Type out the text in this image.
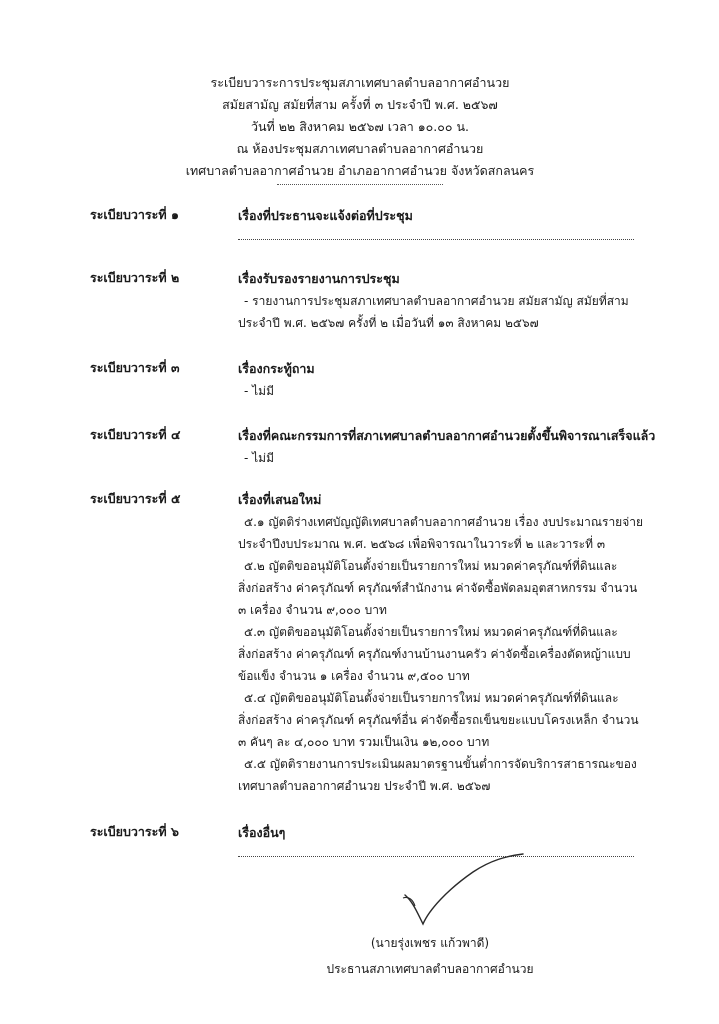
ระเบียบวาระการประชุมสภาเทศบาลตำบลอากาศอำนวย
สมัยสามัญ สมัยที่สาม ครั้งที่ ๓ ประจำปี พ.ศ. ๒๕๖๗
วันที่ ๒๒ สิงหาคม ๒๕๖๗ เวลา ๑๐.๐๐ น.
ณ ห้องประชุมสภาเทศบาลตำบลอากาศอำนวย
เทศบาลตำบลอากาศอำนวย อำเภออากาศอำนวย จังหวัดสกลนคร
ระเบียบวาระที่ ๑	เรื่องที่ประธานจะแจ้งต่อที่ประชุม
ระเบียบวาระที่ ๒	เรื่องรับรองรายงานการประชุม
- รายงานการประชุมสภาเทศบาลตำบลอากาศอำนวย สมัยสามัญ สมัยที่สาม
ประจำปี พ.ศ. ๒๕๖๗ ครั้งที่ ๒ เมื่อวันที่ ๑๓ สิงหาคม ๒๕๖๗
ระเบียบวาระที่ ๓	เรื่องกระทู้ถาม
- ไม่มี
ระเบียบวาระที่ ๔	เรื่องที่คณะกรรมการที่สภาเทศบาลตำบลอากาศอำนวยตั้งขึ้นพิจารณาเสร็จแล้ว
- ไม่มี
ระเบียบวาระที่ ๕	เรื่องที่เสนอใหม่
๕.๑ ญัตติร่างเทศบัญญัติเทศบาลตำบลอากาศอำนวย เรื่อง งบประมาณรายจ่าย
ประจำปีงบประมาณ พ.ศ. ๒๕๖๘ เพื่อพิจารณาในวาระที่ ๒ และวาระที่ ๓
๕.๒ ญัตติขออนุมัติโอนตั้งจ่ายเป็นรายการใหม่ หมวดค่าครุภัณฑ์ที่ดินและ
สิ่งก่อสร้าง ค่าครุภัณฑ์ ครุภัณฑ์สำนักงาน ค่าจัดซื้อพัดลมอุตสาหกรรม จำนวน
๓ เครื่อง จำนวน ๙,๐๐๐ บาท
๕.๓ ญัตติขออนุมัติโอนตั้งจ่ายเป็นรายการใหม่ หมวดค่าครุภัณฑ์ที่ดินและ
สิ่งก่อสร้าง ค่าครุภัณฑ์ ครุภัณฑ์งานบ้านงานครัว ค่าจัดซื้อเครื่องตัดหญ้าแบบ
ข้อแข็ง จำนวน ๑ เครื่อง จำนวน ๙,๕๐๐ บาท
๕.๔ ญัตติขออนุมัติโอนตั้งจ่ายเป็นรายการใหม่ หมวดค่าครุภัณฑ์ที่ดินและ
สิ่งก่อสร้าง ค่าครุภัณฑ์ ครุภัณฑ์อื่น ค่าจัดซื้อรถเข็นขยะแบบโครงเหล็ก จำนวน
๓ คันๆ ละ ๔,๐๐๐ บาท รวมเป็นเงิน ๑๒,๐๐๐ บาท
๕.๕ ญัตติรายงานการประเมินผลมาตรฐานขั้นต่ำการจัดบริการสาธารณะของ
เทศบาลตำบลอากาศอำนวย ประจำปี พ.ศ. ๒๕๖๗
ระเบียบวาระที่ ๖	เรื่องอื่นๆ
(นายรุ่งเพชร แก้วพาดี)
ประธานสภาเทศบาลตำบลอากาศอำนวย
